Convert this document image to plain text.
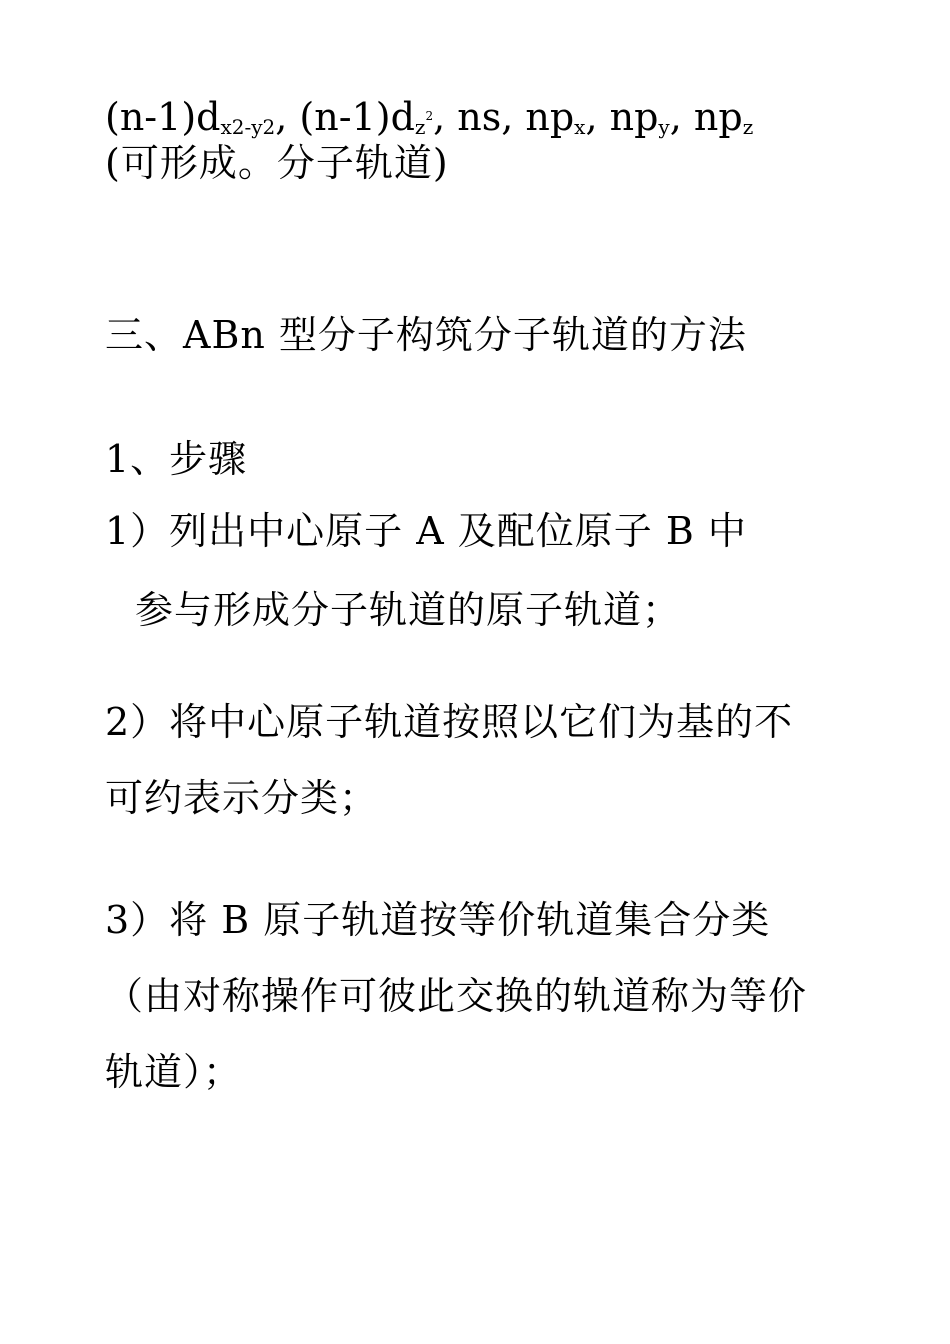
$(n-1)d_{x2-y2}$, $(n-1)d_{z^2}$, ns, $np_x$, $np_y$, $np_z$
(可形成。分子轨道)
三、ABn 型分子构筑分子轨道的方法
1、步骤
1）列出中心原子 A 及配位原子 B 中
参与形成分子轨道的原子轨道；
2）将中心原子轨道按照以它们为基的不
可约表示分类；
3）将 B 原子轨道按等价轨道集合分类
（由对称操作可彼此交换的轨道称为等价
轨道）；
